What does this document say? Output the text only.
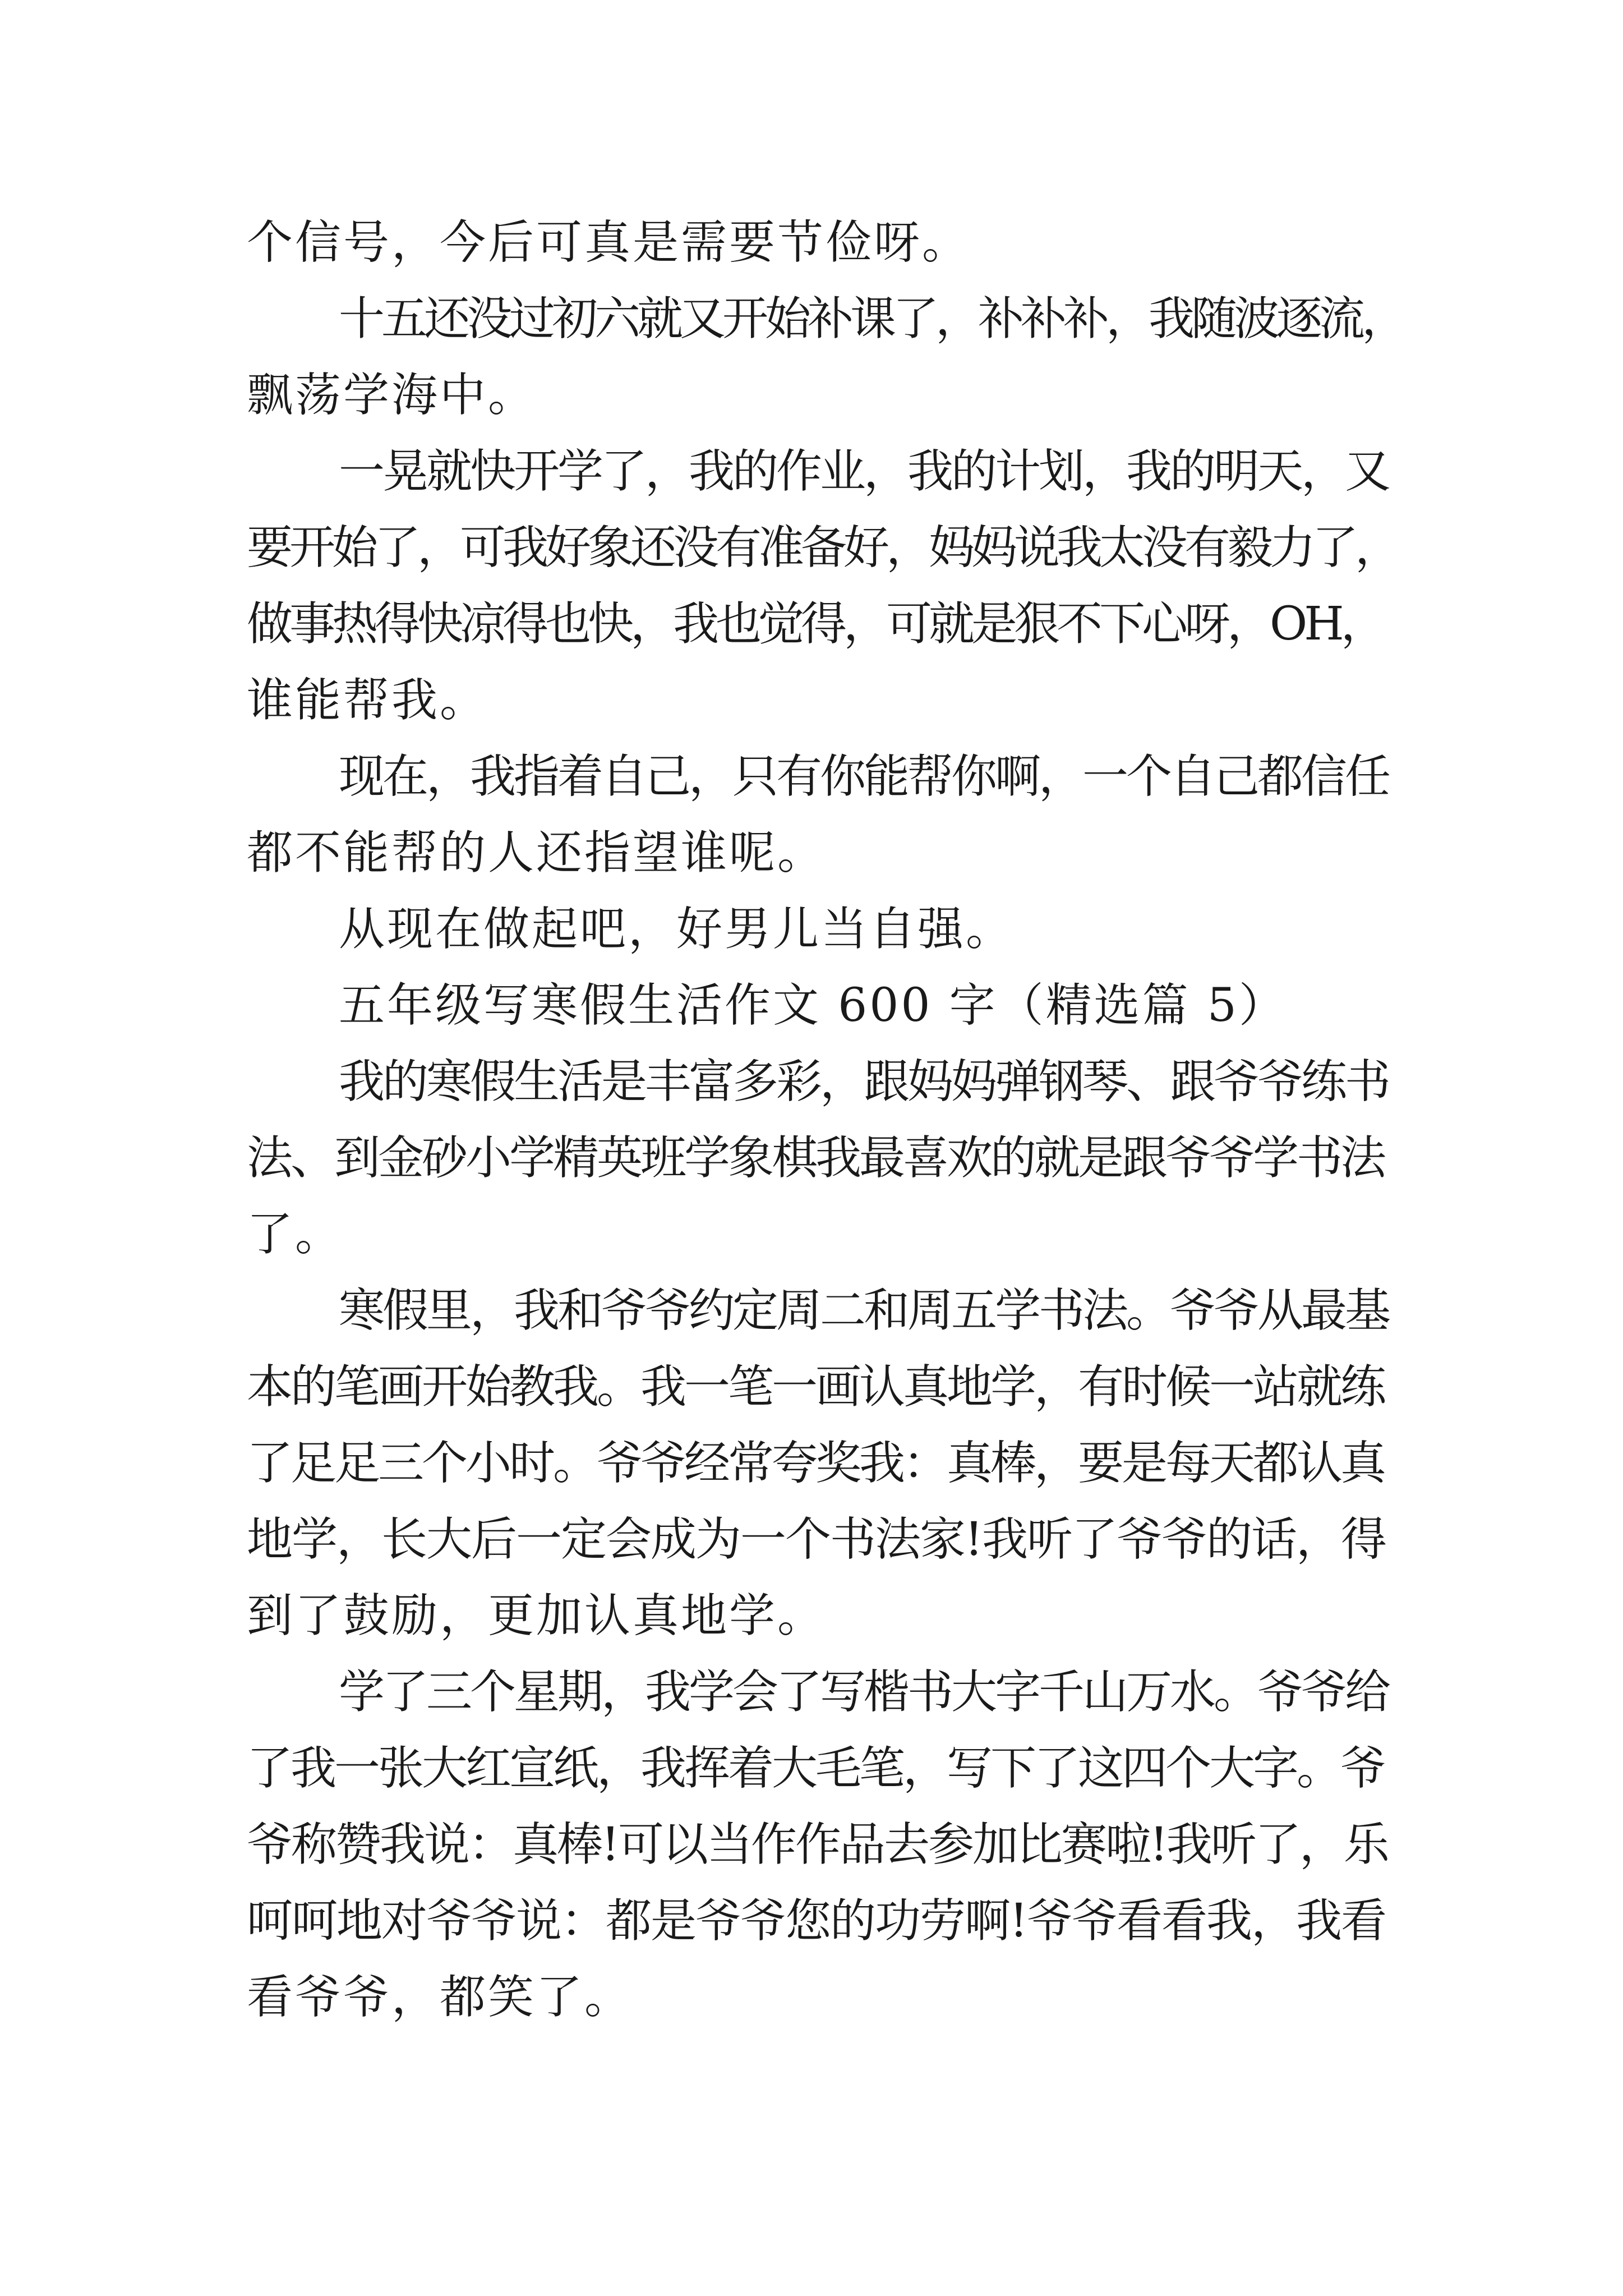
个信号，今后可真是需要节俭呀。
十五还没过初六就又开始补课了，补补补，我随波逐流，
飘荡学海中。
一晃就快开学了，我的作业，我的计划，我的明天，又
要开始了，可我好象还没有准备好，妈妈说我太没有毅力了，
做事热得快凉得也快，我也觉得，可就是狠不下心呀，OH，
谁能帮我。
现在，我指着自己，只有你能帮你啊，一个自己都信任
都不能帮的人还指望谁呢。
从现在做起吧，好男儿当自强。
五年级写寒假生活作文 600 字（精选篇 5）
我的寒假生活是丰富多彩，跟妈妈弹钢琴、跟爷爷练书
法、到金砂小学精英班学象棋我最喜欢的就是跟爷爷学书法
了。
寒假里，我和爷爷约定周二和周五学书法。爷爷从最基
本的笔画开始教我。我一笔一画认真地学，有时候一站就练
了足足三个小时。爷爷经常夸奖我：真棒，要是每天都认真
地学，长大后一定会成为一个书法家!我听了爷爷的话，得
到了鼓励，更加认真地学。
学了三个星期，我学会了写楷书大字千山万水。爷爷给
了我一张大红宣纸，我挥着大毛笔，写下了这四个大字。爷
爷称赞我说：真棒!可以当作作品去参加比赛啦!我听了，乐
呵呵地对爷爷说：都是爷爷您的功劳啊!爷爷看看我，我看
看爷爷，都笑了。
